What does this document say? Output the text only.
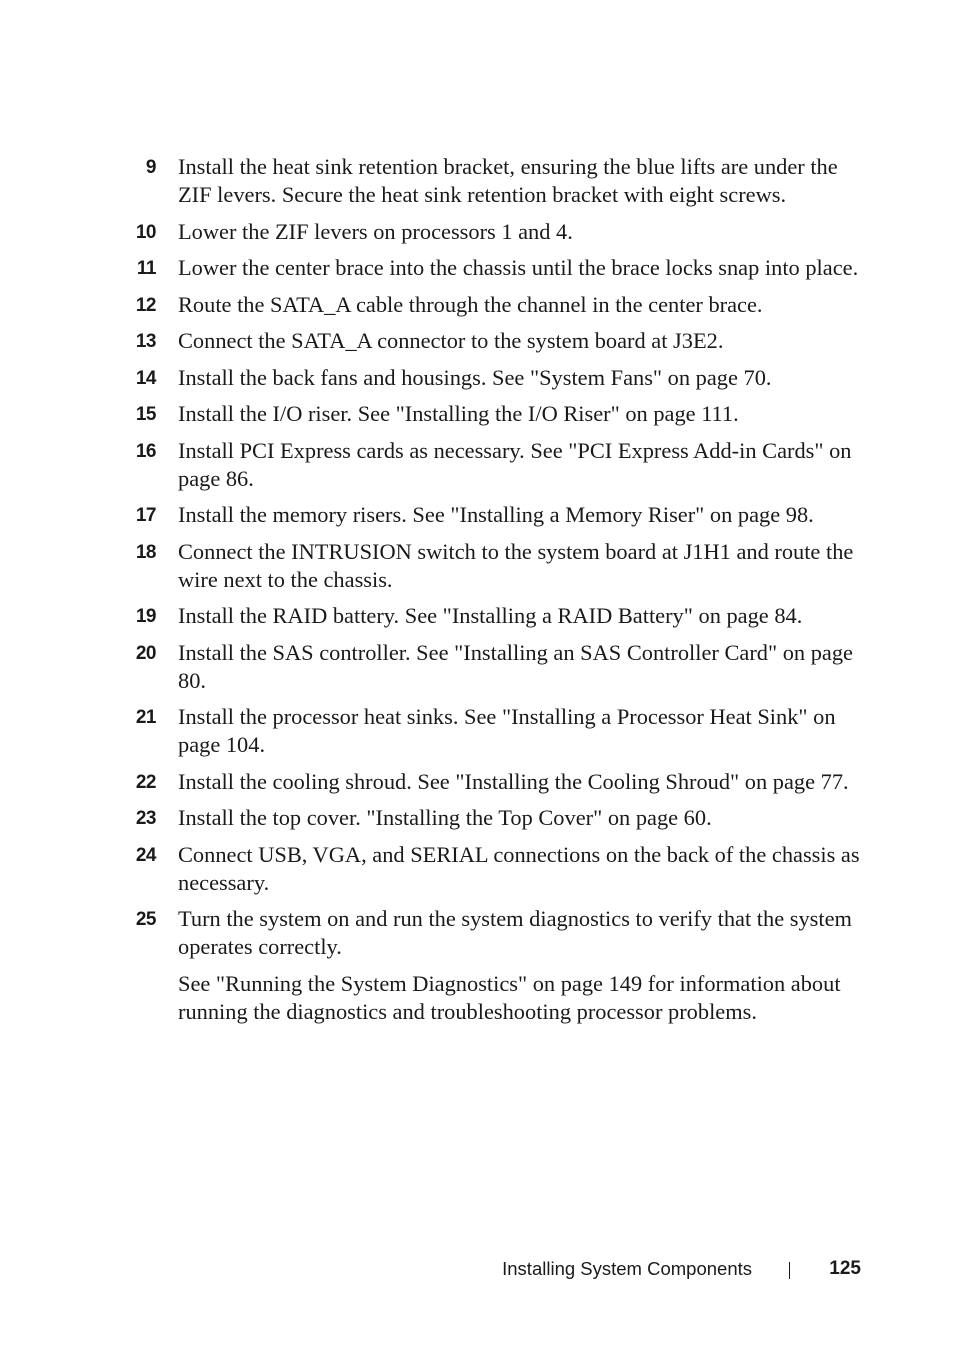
9 Install the heat sink retention bracket, ensuring the blue lifts are under the ZIF levers. Secure the heat sink retention bracket with eight screws.
10 Lower the ZIF levers on processors 1 and 4.
11 Lower the center brace into the chassis until the brace locks snap into place.
12 Route the SATA_A cable through the channel in the center brace.
13 Connect the SATA_A connector to the system board at J3E2.
14 Install the back fans and housings. See "System Fans" on page 70.
15 Install the I/O riser. See "Installing the I/O Riser" on page 111.
16 Install PCI Express cards as necessary. See "PCI Express Add-in Cards" on page 86.
17 Install the memory risers. See "Installing a Memory Riser" on page 98.
18 Connect the INTRUSION switch to the system board at J1H1 and route the wire next to the chassis.
19 Install the RAID battery. See "Installing a RAID Battery" on page 84.
20 Install the SAS controller. See "Installing an SAS Controller Card" on page 80.
21 Install the processor heat sinks. See "Installing a Processor Heat Sink" on page 104.
22 Install the cooling shroud. See "Installing the Cooling Shroud" on page 77.
23 Install the top cover. "Installing the Top Cover" on page 60.
24 Connect USB, VGA, and SERIAL connections on the back of the chassis as necessary.
25 Turn the system on and run the system diagnostics to verify that the system operates correctly.
See "Running the System Diagnostics" on page 149 for information about running the diagnostics and troubleshooting processor problems.
Installing System Components	125
